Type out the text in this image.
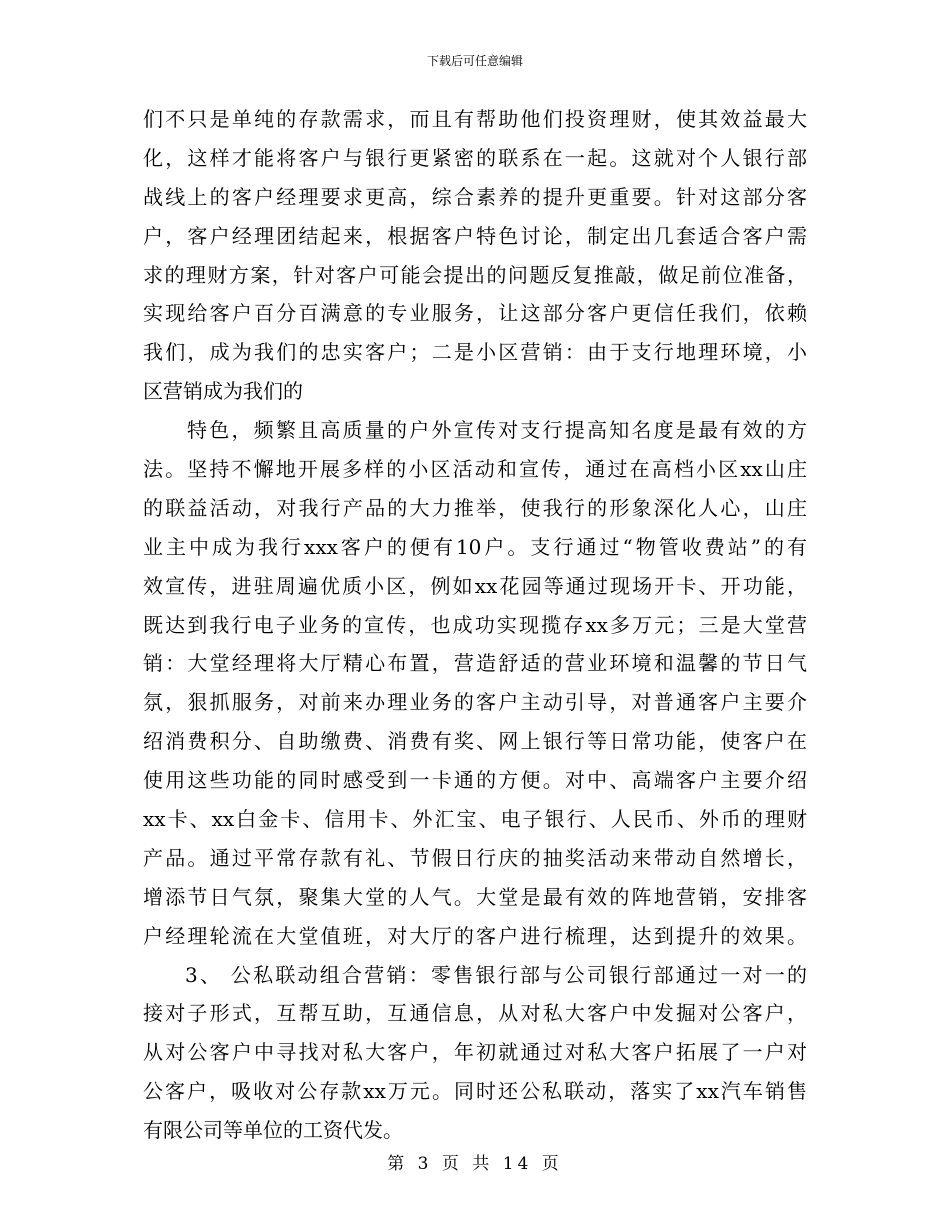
下载后可任意编辑
们不只是单纯的存款需求，而且有帮助他们投资理财，使其效益最大
化，这样才能将客户与银行更紧密的联系在一起。这就对个人银行部
战线上的客户经理要求更高，综合素养的提升更重要。针对这部分客
户，客户经理团结起来，根据客户特色讨论，制定出几套适合客户需
求的理财方案，针对客户可能会提出的问题反复推敲，做足前位准备，
实现给客户百分百满意的专业服务，让这部分客户更信任我们，依赖
我们，成为我们的忠实客户；二是小区营销：由于支行地理环境，小
区营销成为我们的
特色，频繁且高质量的户外宣传对支行提高知名度是最有效的方
法。坚持不懈地开展多样的小区活动和宣传，通过在高档小区xx山庄
的联益活动，对我行产品的大力推举，使我行的形象深化人心，山庄
业主中成为我行xxx客户的便有10户。支行通过“物管收费站”的有
效宣传，进驻周遍优质小区，例如xx花园等通过现场开卡、开功能，
既达到我行电子业务的宣传，也成功实现揽存xx多万元；三是大堂营
销：大堂经理将大厅精心布置，营造舒适的营业环境和温馨的节日气
氛，狠抓服务，对前来办理业务的客户主动引导，对普通客户主要介
绍消费积分、自助缴费、消费有奖、网上银行等日常功能，使客户在
使用这些功能的同时感受到一卡通的方便。对中、高端客户主要介绍
xx卡、xx白金卡、信用卡、外汇宝、电子银行、人民币、外币的理财
产品。通过平常存款有礼、节假日行庆的抽奖活动来带动自然增长，
增添节日气氛，聚集大堂的人气。大堂是最有效的阵地营销，安排客
户经理轮流在大堂值班，对大厅的客户进行梳理，达到提升的效果。
3、 公私联动组合营销：零售银行部与公司银行部通过一对一的
接对子形式，互帮互助，互通信息，从对私大客户中发掘对公客户，
从对公客户中寻找对私大客户，年初就通过对私大客户拓展了一户对
公客户，吸收对公存款xx万元。同时还公私联动，落实了xx汽车销售
有限公司等单位的工资代发。
第 3 页 共 14 页
